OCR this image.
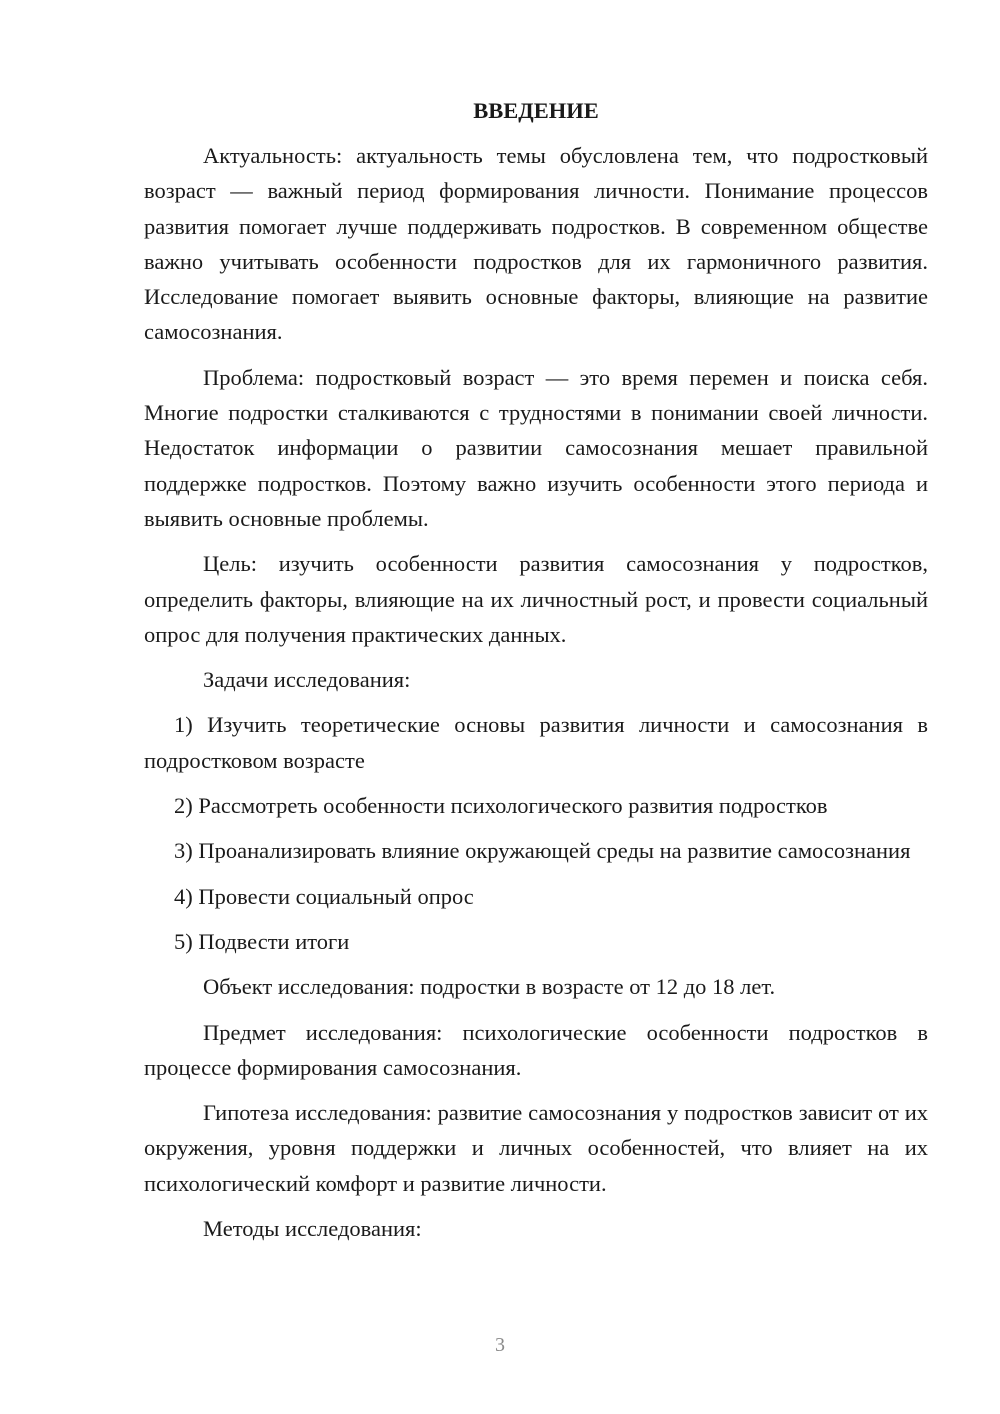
ВВЕДЕНИЕ

Актуальность: актуальность темы обусловлена тем, что подростковый возраст — важный период формирования личности. Понимание процессов развития помогает лучше поддерживать подростков. В современном обществе важно учитывать особенности подростков для их гармоничного развития. Исследование помогает выявить основные факторы, влияющие на развитие самосознания.

Проблема: подростковый возраст — это время перемен и поиска себя. Многие подростки сталкиваются с трудностями в понимании своей личности. Недостаток информации о развитии самосознания мешает правильной поддержке подростков. Поэтому важно изучить особенности этого периода и выявить основные проблемы.

Цель: изучить особенности развития самосознания у подростков, определить факторы, влияющие на их личностный рост, и провести социальный опрос для получения практических данных.

Задачи исследования:

1) Изучить теоретические основы развития личности и самосознания в подростковом возрасте

2) Рассмотреть особенности психологического развития подростков

3) Проанализировать влияние окружающей среды на развитие самосознания

4) Провести социальный опрос

5) Подвести итоги

Объект исследования: подростки в возрасте от 12 до 18 лет.

Предмет исследования: психологические особенности подростков в процессе формирования самосознания.

Гипотеза исследования: развитие самосознания у подростков зависит от их окружения, уровня поддержки и личных особенностей, что влияет на их психологический комфорт и развитие личности.

Методы исследования:

3
